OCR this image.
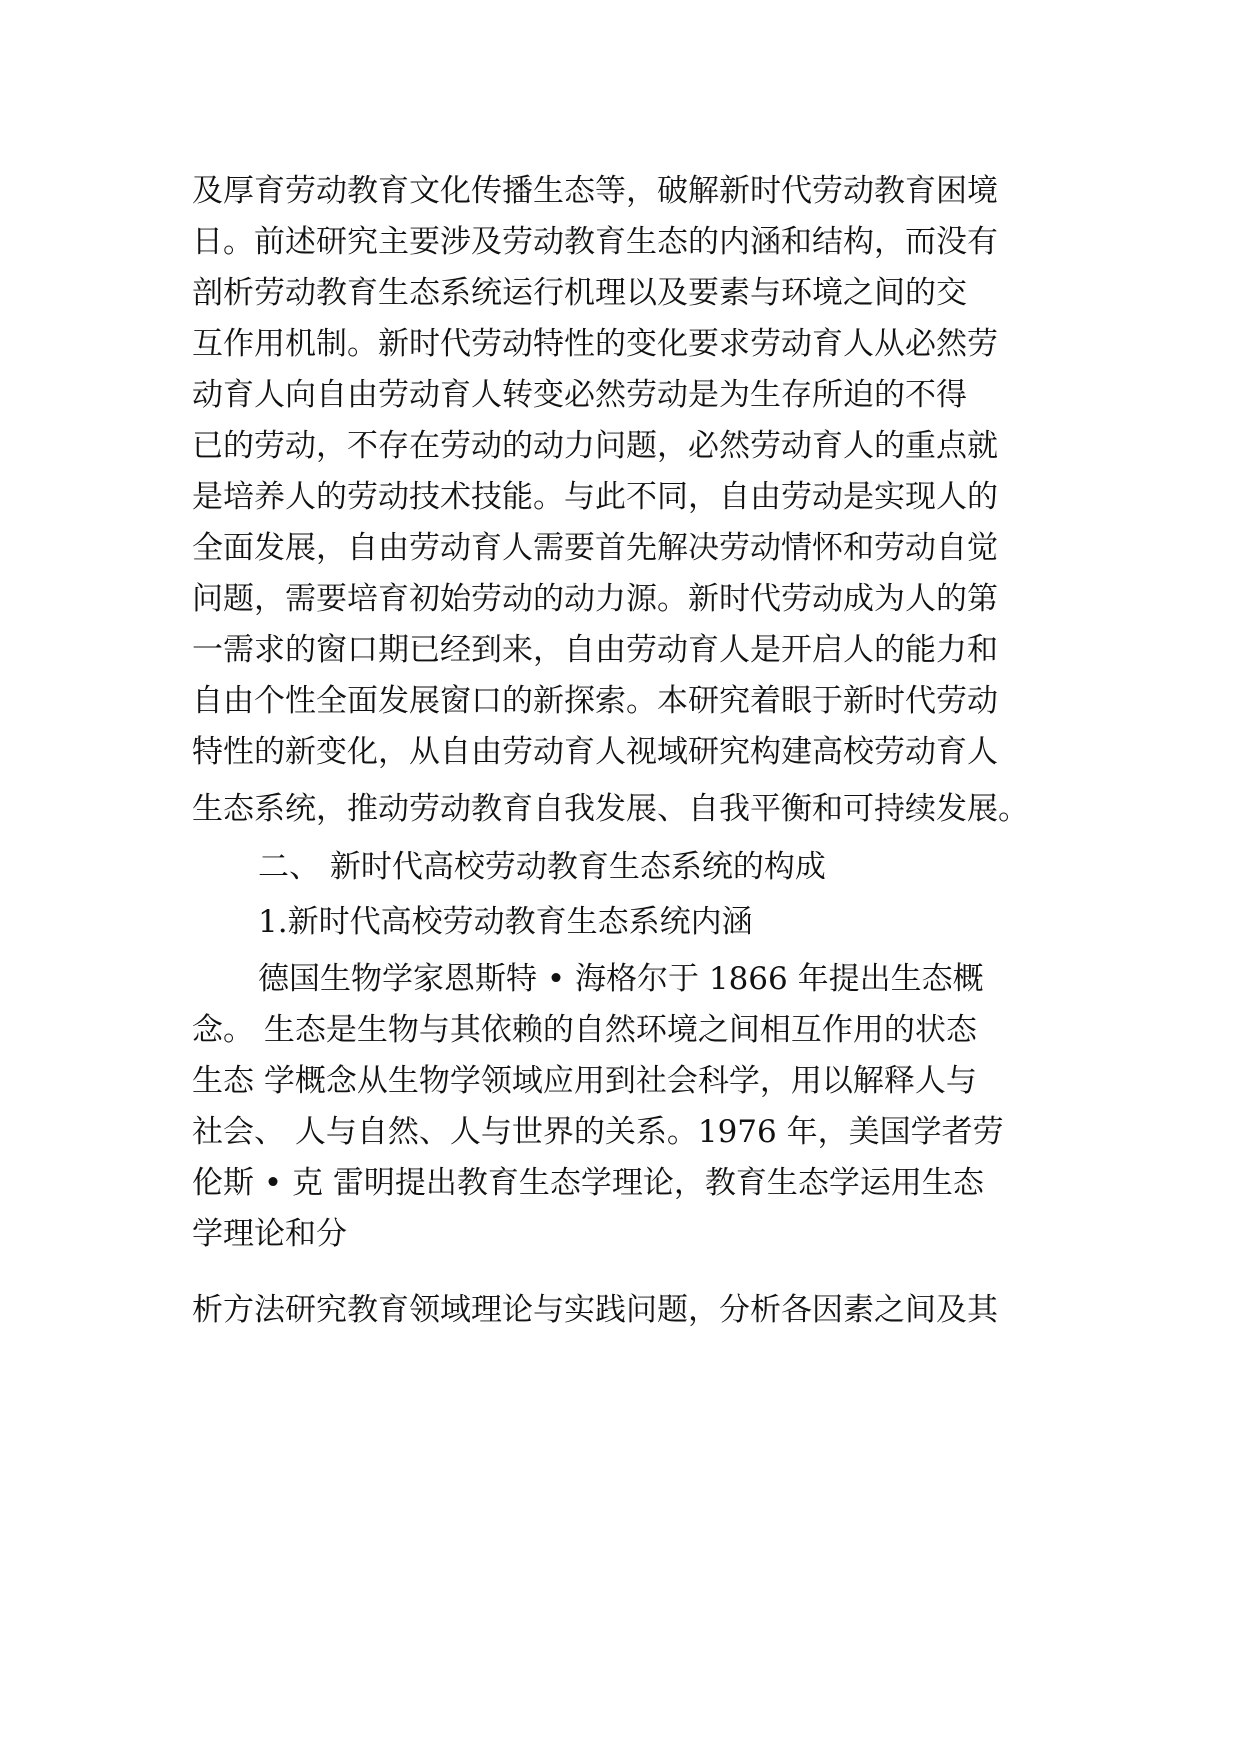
及厚育劳动教育文化传播生态等，破解新时代劳动教育困境
日。前述研究主要涉及劳动教育生态的内涵和结构，而没有
剖析劳动教育生态系统运行机理以及要素与环境之间的交
互作用机制。新时代劳动特性的变化要求劳动育人从必然劳
动育人向自由劳动育人转变必然劳动是为生存所迫的不得
已的劳动，不存在劳动的动力问题，必然劳动育人的重点就
是培养人的劳动技术技能。与此不同，自由劳动是实现人的
全面发展，自由劳动育人需要首先解决劳动情怀和劳动自觉
问题，需要培育初始劳动的动力源。新时代劳动成为人的第
一需求的窗口期已经到来，自由劳动育人是开启人的能力和
自由个性全面发展窗口的新探索。本研究着眼于新时代劳动
特性的新变化，从自由劳动育人视域研究构建高校劳动育人
生态系统，推动劳动教育自我发展、自我平衡和可持续发展。
二、 新时代高校劳动教育生态系统的构成
1.新时代高校劳动教育生态系统内涵
德国生物学家恩斯特 • 海格尔于 1866 年提出生态概
念。 生态是生物与其依赖的自然环境之间相互作用的状态
生态 学概念从生物学领域应用到社会科学，用以解释人与
社会、 人与自然、人与世界的关系。1976 年，美国学者劳
伦斯 • 克 雷明提出教育生态学理论，教育生态学运用生态
学理论和分
析方法研究教育领域理论与实践问题，分析各因素之间及其
